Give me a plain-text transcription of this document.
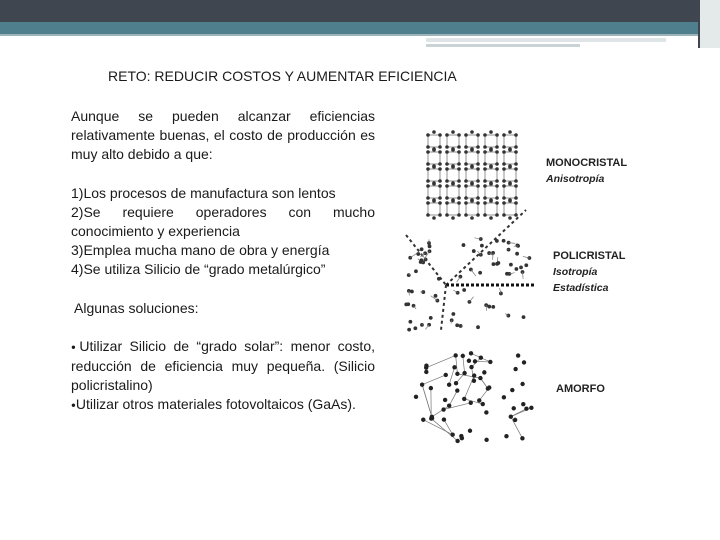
RETO: REDUCIR COSTOS Y AUMENTAR EFICIENCIA

Aunque se pueden alcanzar eficiencias relativamente buenas, el costo de producción es muy alto debido a que:

1)Los procesos de manufactura son lentos

2)Se requiere operadores con mucho conocimiento y experiencia

3)Emplea mucha mano de obra y energía

4)Se utiliza Silicio de “grado metalúrgico”

Algunas soluciones:

●Utilizar Silicio de “grado solar”: menor costo, reducción de eficiencia muy pequeña. (Silicio policristalino)

●Utilizar otros materiales fotovoltaicos (GaAs).

MONOCRISTAL
Anisotropía
POLICRISTAL
Isotropía
Estadística
AMORFO
